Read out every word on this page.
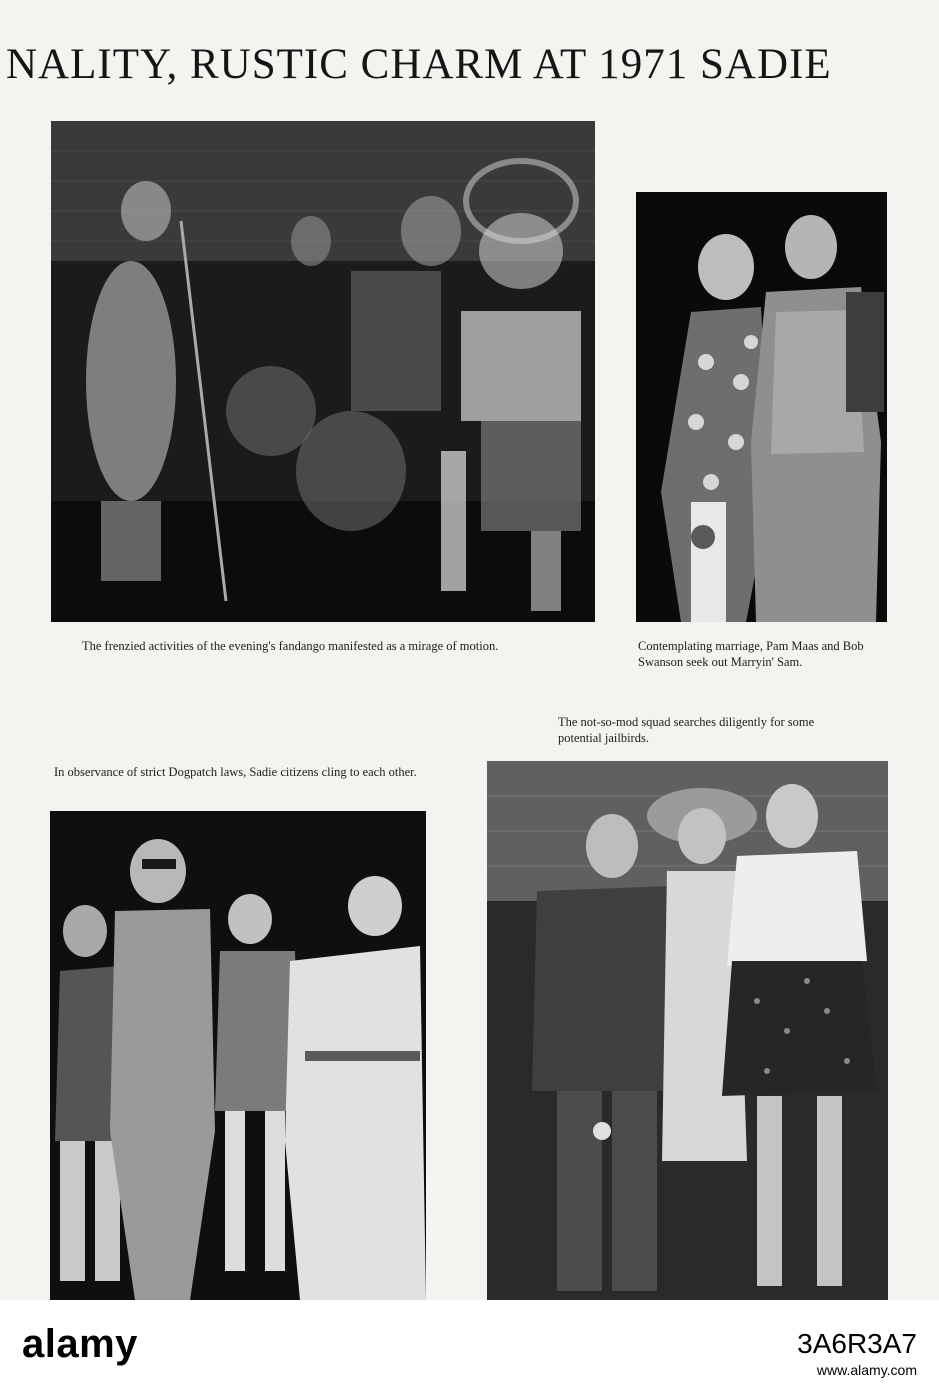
NALITY, RUSTIC CHARM AT 1971 SADIE

The frenzied activities of the evening's fandango manifested as a mirage of motion.	Contemplating marriage, Pam Maas and Bob Swanson seek out Marryin' Sam.

The not-so-mod squad searches diligently for some potential jailbirds.

In observance of strict Dogpatch laws, Sadie citizens cling to each other.

alamy	3A6R3A7
www.alamy.com
